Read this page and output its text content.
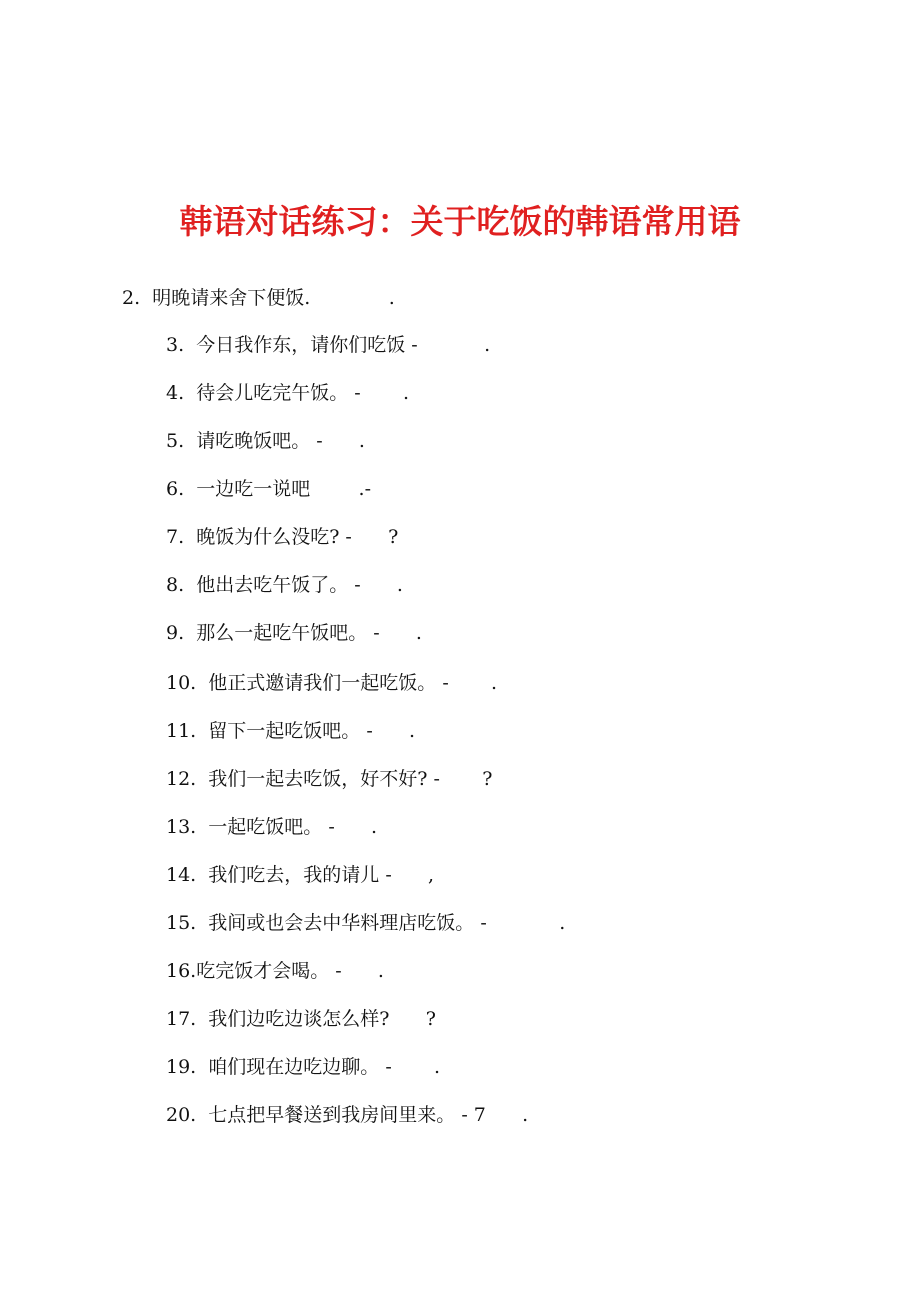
韩语对话练习：关于吃饭的韩语常用语
2.  明晚请来舍下便饭.             .
3.  今日我作东，请你们吃饭 -           .
4.  待会儿吃完午饭。 -       .
5.  请吃晚饭吧。 -      .
6.  一边吃一说吧        .-
7.  晚饭为什么没吃? -      ?
8.  他出去吃午饭了。 -      .
9.  那么一起吃午饭吧。 -      .
10.  他正式邀请我们一起吃饭。 -       .
11.  留下一起吃饭吧。 -      .
12.  我们一起去吃饭，好不好? -       ?
13.  一起吃饭吧。 -      .
14.  我们吃去，我的请儿 -      ,
15.  我间或也会去中华料理店吃饭。 -            .
16.吃完饭才会喝。 -      .
17.  我们边吃边谈怎么样?      ?
19.  咱们现在边吃边聊。 -       .
20.  七点把早餐送到我房间里来。 - 7      .
